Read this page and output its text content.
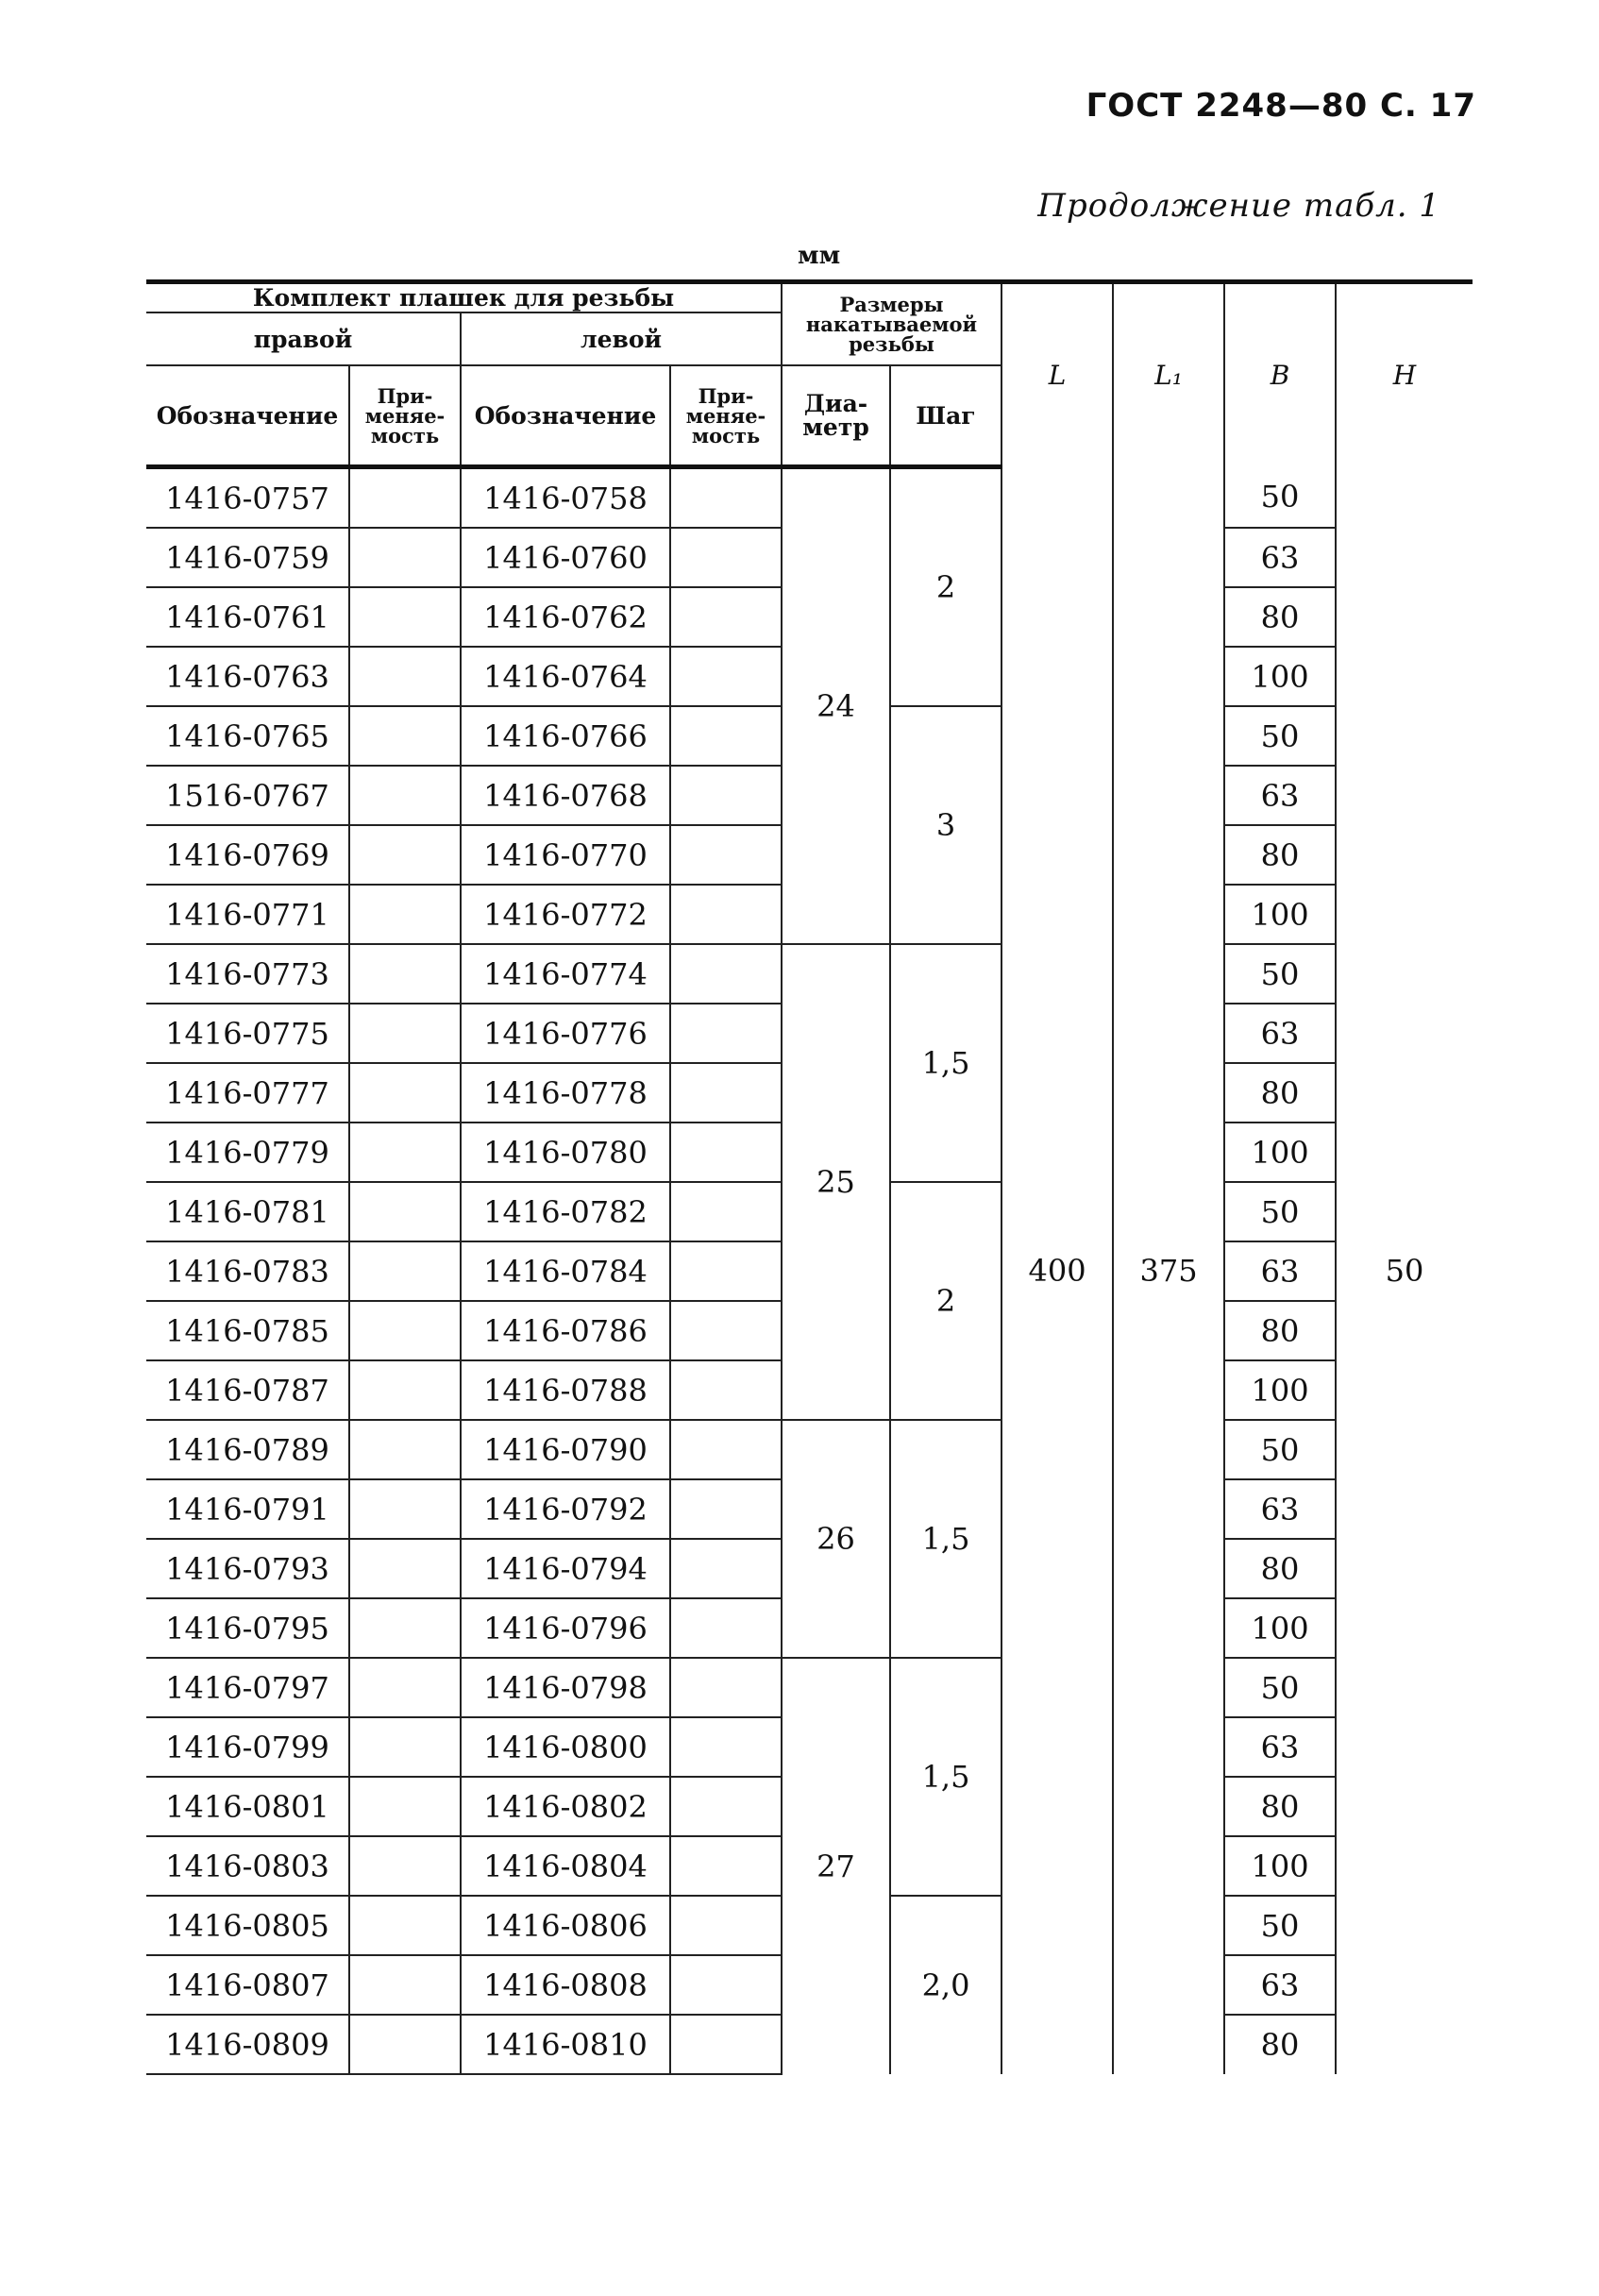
ГОСТ 2248—80 С. 17
Продолжение табл. 1
мм
Комплект плашек для резьбы				Размеры
накатываемой
резьбы		L	L₁	B	H
правой		левой							
Обозначение	При-
меняе-
мость	Обозначение	При-
меняе-
мость	Диа-
метр	Шаг				
1416-0757		1416-0758		24	2	400	375	50	50
1416-0759		1416-0760						63	
1416-0761		1416-0762						80	
1416-0763		1416-0764						100	
1416-0765		1416-0766			3			50	
1516-0767		1416-0768						63	
1416-0769		1416-0770						80	
1416-0771		1416-0772						100	
1416-0773		1416-0774		25	1,5			50	
1416-0775		1416-0776						63	
1416-0777		1416-0778						80	
1416-0779		1416-0780						100	
1416-0781		1416-0782			2			50	
1416-0783		1416-0784						63	
1416-0785		1416-0786						80	
1416-0787		1416-0788						100	
1416-0789		1416-0790		26	1,5			50	
1416-0791		1416-0792						63	
1416-0793		1416-0794						80	
1416-0795		1416-0796						100	
1416-0797		1416-0798		27	1,5			50	
1416-0799		1416-0800						63	
1416-0801		1416-0802						80	
1416-0803		1416-0804						100	
1416-0805		1416-0806			2,0			50	
1416-0807		1416-0808						63	
1416-0809		1416-0810						80	
